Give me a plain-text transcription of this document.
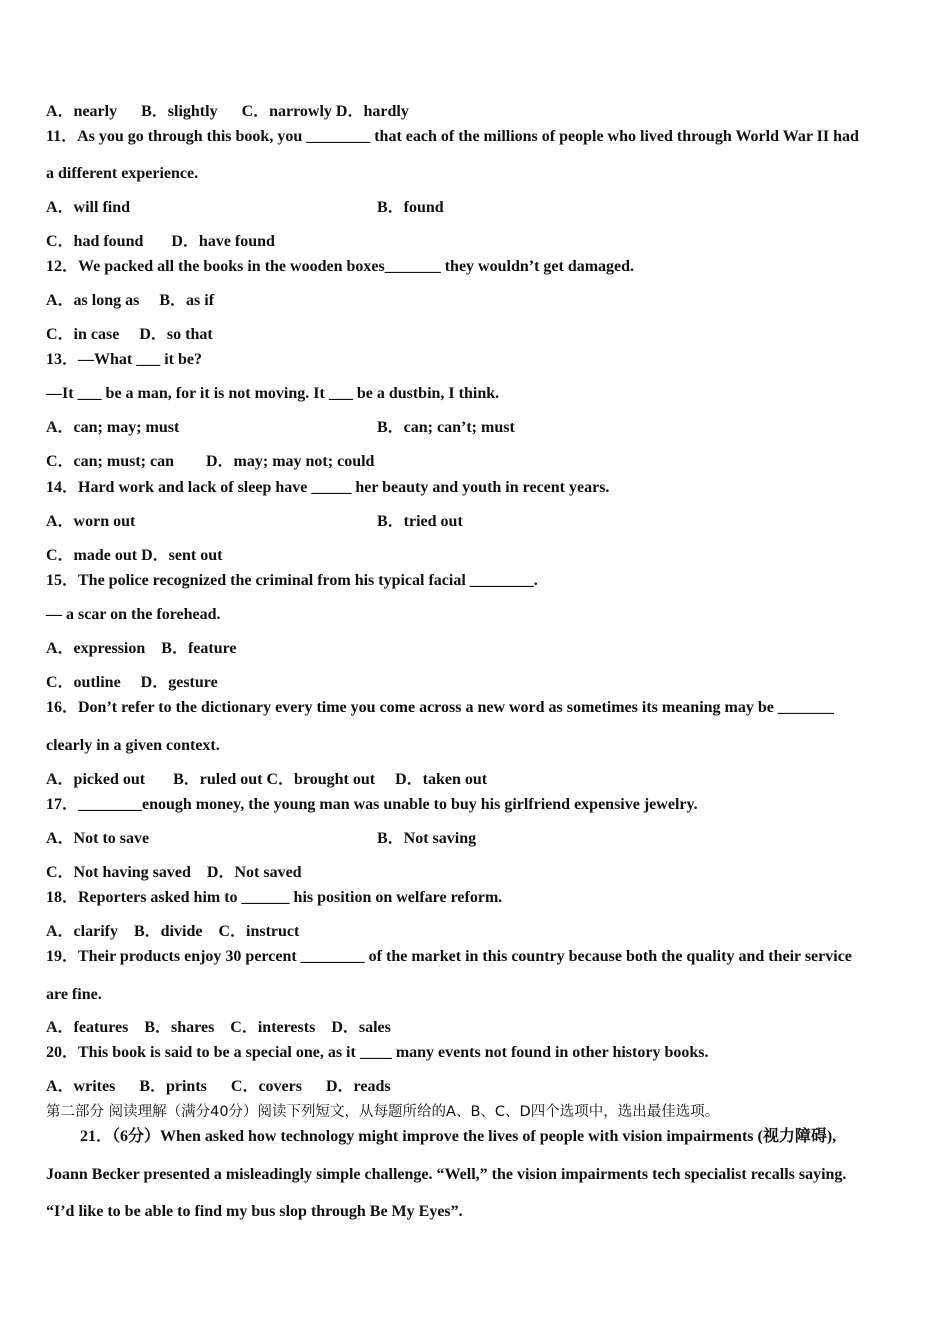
A．nearly      B．slightly      C．narrowly D．hardly
11．As you go through this book, you ________ that each of the millions of people who lived through World War II had
a different experience.
A．will find	B．found
C．had found       D．have found
12．We packed all the books in the wooden boxes_______ they wouldn’t get damaged.
A．as long as     B．as if
C．in case     D．so that
13．—What ___ it be?
—It ___ be a man, for it is not moving. It ___ be a dustbin, I think.
A．can; may; must	B．can; can’t; must
C．can; must; can        D．may; may not; could
14．Hard work and lack of sleep have _____ her beauty and youth in recent years.
A．worn out	B．tried out
C．made out D．sent out
15．The police recognized the criminal from his typical facial ________.
— a scar on the forehead.
A．expression    B．feature
C．outline     D．gesture
16．Don’t refer to the dictionary every time you come across a new word as sometimes its meaning may be _______
clearly in a given context.
A．picked out       B．ruled out C．brought out     D．taken out
17．________enough money, the young man was unable to buy his girlfriend expensive jewelry.
A．Not to save	B．Not saving
C．Not having saved    D．Not saved
18．Reporters asked him to ______ his position on welfare reform.
A．clarify    B．divide    C．instruct
19．Their products enjoy 30 percent ________ of the market in this country because both the quality and their service
are fine.
A．features    B．shares    C．interests    D．sales
20．This book is said to be a special one, as it ____ many events not found in other history books.
A．writes      B．prints      C．covers      D．reads
第二部分 阅读理解（满分40分）阅读下列短文，从每题所给的A、B、C、D四个选项中，选出最佳选项。
21．（6分）When asked how technology might improve the lives of people with vision impairments (视力障碍),
Joann Becker presented a misleadingly simple challenge. “Well,” the vision impairments tech specialist recalls saying.
“I’d like to be able to find my bus slop through Be My Eyes”.
